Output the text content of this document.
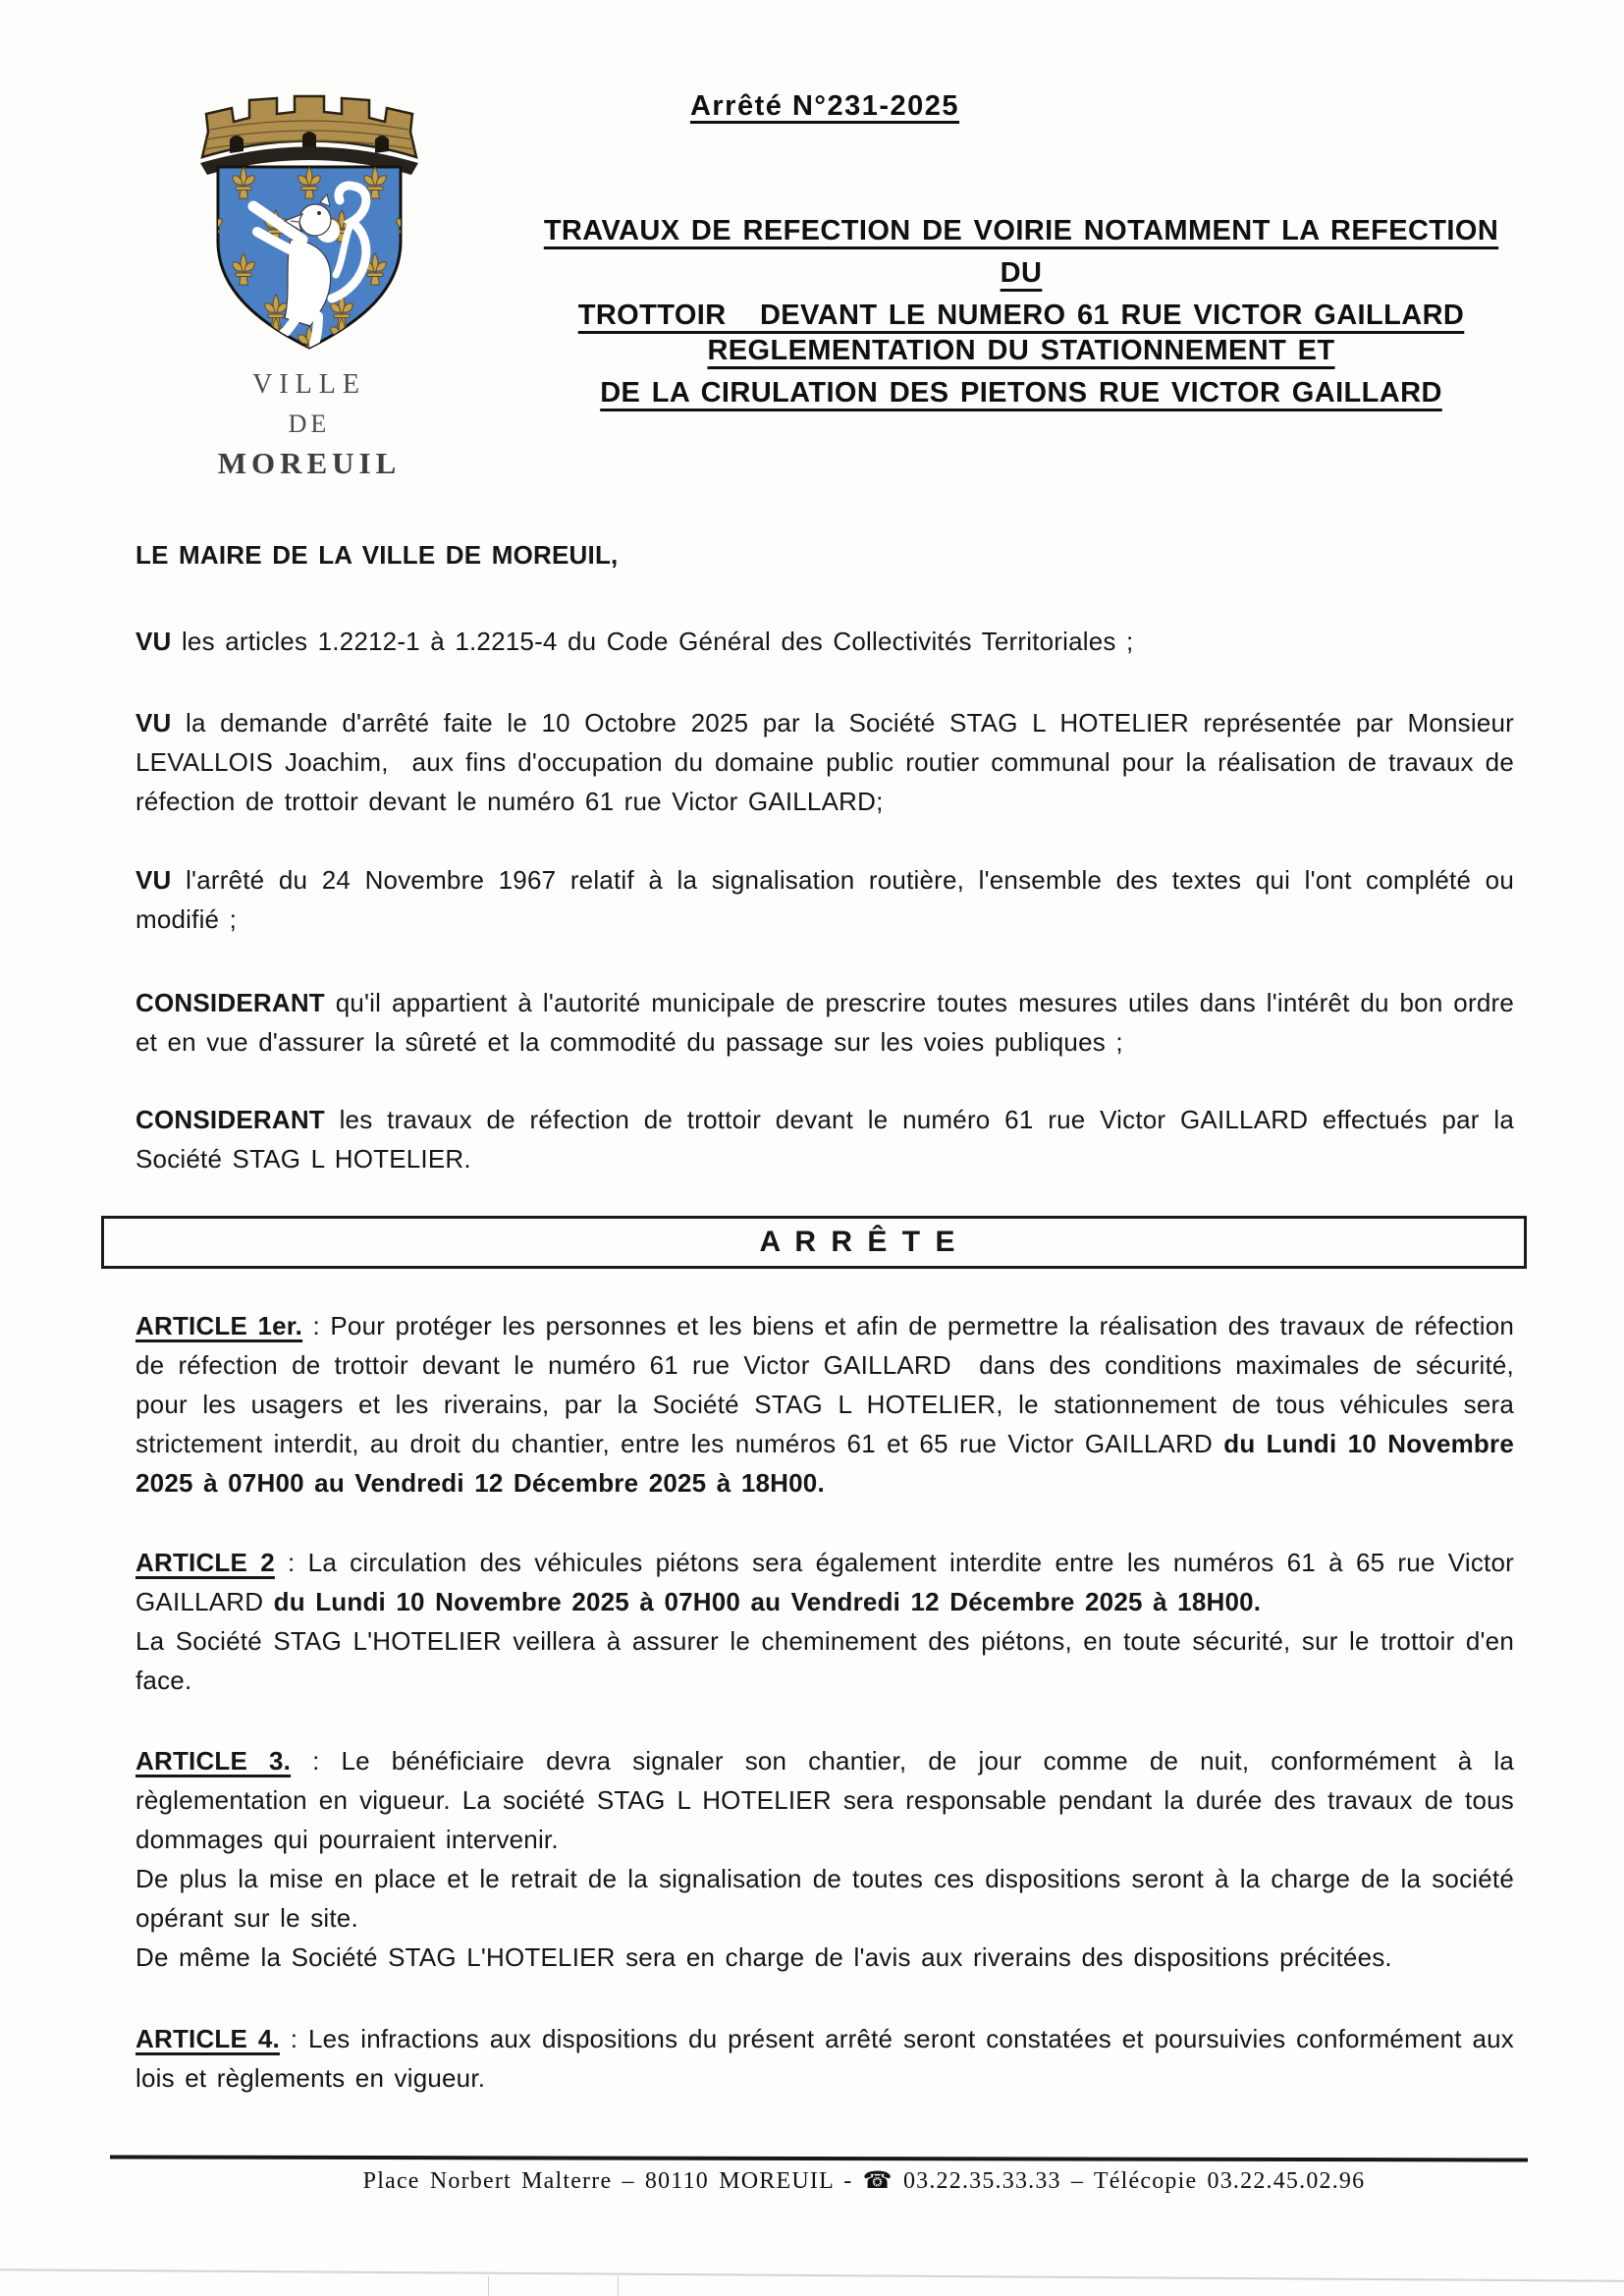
VILLE
DE
MOREUIL
Arrêté N°231-2025
TRAVAUX DE REFECTION DE VOIRIE NOTAMMENT LA REFECTION DU
TROTTOIR   DEVANT LE NUMERO 61 RUE VICTOR GAILLARD
REGLEMENTATION DU STATIONNEMENT ET
DE LA CIRULATION DES PIETONS RUE VICTOR GAILLARD

LE MAIRE DE LA VILLE DE MOREUIL,

VU les articles 1.2212-1 à 1.2215-4 du Code Général des Collectivités Territoriales ;

VU la demande d'arrêté faite le 10 Octobre 2025 par la Société STAG L HOTELIER représentée par Monsieur LEVALLOIS Joachim,  aux fins d'occupation du domaine public routier communal pour la réalisation de travaux de réfection de trottoir devant le numéro 61 rue Victor GAILLARD;

VU l'arrêté du 24 Novembre 1967 relatif à la signalisation routière, l'ensemble des textes qui l'ont complété ou modifié ;

CONSIDERANT qu'il appartient à l'autorité municipale de prescrire toutes mesures utiles dans l'intérêt du bon ordre et en vue d'assurer la sûreté et la commodité du passage sur les voies publiques ;

CONSIDERANT les travaux de réfection de trottoir devant le numéro 61 rue Victor GAILLARD effectués par la Société STAG L HOTELIER.

A R R Ê T E

ARTICLE 1er. : Pour protéger les personnes et les biens et afin de permettre la réalisation des travaux de réfection de réfection de trottoir devant le numéro 61 rue Victor GAILLARD  dans des conditions maximales de sécurité, pour les usagers et les riverains, par la Société STAG L HOTELIER, le stationnement de tous véhicules sera strictement interdit, au droit du chantier, entre les numéros 61 et 65 rue Victor GAILLARD du Lundi 10 Novembre 2025 à 07H00 au Vendredi 12 Décembre 2025 à 18H00.

ARTICLE 2 : La circulation des véhicules piétons sera également interdite entre les numéros 61 à 65 rue Victor GAILLARD du Lundi 10 Novembre 2025 à 07H00 au Vendredi 12 Décembre 2025 à 18H00.
La Société STAG L'HOTELIER veillera à assurer le cheminement des piétons, en toute sécurité, sur le trottoir d'en face.

ARTICLE 3. : Le bénéficiaire devra signaler son chantier, de jour comme de nuit, conformément à la règlementation en vigueur. La société STAG L HOTELIER sera responsable pendant la durée des travaux de tous dommages qui pourraient intervenir.
De plus la mise en place et le retrait de la signalisation de toutes ces dispositions seront à la charge de la société opérant sur le site.
De même la Société STAG L'HOTELIER sera en charge de l'avis aux riverains des dispositions précitées.

ARTICLE 4. : Les infractions aux dispositions du présent arrêté seront constatées et poursuivies conformément aux lois et règlements en vigueur.

Place Norbert Malterre – 80110 MOREUIL - ☎ 03.22.35.33.33 – Télécopie 03.22.45.02.96
